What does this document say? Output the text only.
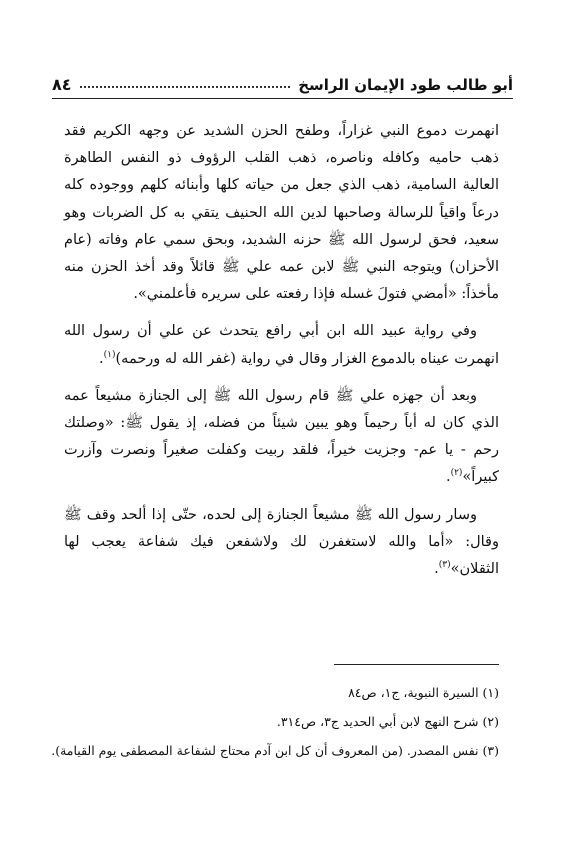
أبو طالب طود الإيمان الراسخ
٨٤

انهمرت دموع النبي غزاراً، وطفح الحزن الشديد عن وجهه الكريم فقد ذهب حاميه وكافله وناصره، ذهب القلب الرؤوف ذو النفس الطاهرة العالية السامية، ذهب الذي جعل من حياته كلها وأبنائه كلهم ووجوده كله درعاً واقياً للرسالة وصاحبها لدين الله الحنيف يتقي به كل الضربات وهو سعيد، فحق لرسول الله ﷺ حزنه الشديد، وبحق سمي عام وفاته (عام الأحزان) ويتوجه النبي ﷺ لابن عمه علي ﷺ قائلاً وقد أخذ الحزن منه مأخذاً: «أمضي فتولَ غسله فإذا رفعته على سريره فأعلمني».

وفي رواية عبيد الله ابن أبي رافع يتحدث عن علي أن رسول الله انهمرت عيناه بالدموع الغزار وقال في رواية (غفر الله له ورحمه)$^{(١)}$.

وبعد أن جهزه علي ﷺ قام رسول الله ﷺ إلى الجنازة مشيعاً عمه الذي كان له أباً رحيماً وهو يبين شيئاً من فضله، إذ يقول ﷺ: «وصلتك رحم - يا عم- وجزيت خيراً، فلقد ربيت وكفلت صغيراً ونصرت وآزرت كبيراً»$^{(٢)}$.

وسار رسول الله ﷺ مشيعاً الجنازة إلى لحده، حتّى إذا ألحد وقف ﷺ وقال: «أما والله لاستغفرن لك ولاشفعن فيك شفاعة يعجب لها الثقلان»$^{(٣)}$.

(١) السيرة النبوية، ج١، ص٨٤
(٢) شرح النهج لابن أبي الحديد ج٣، ص٣١٤.
(٣) نفس المصدر. (من المعروف أن كل ابن آدم محتاج لشفاعة المصطفى يوم القيامة).
